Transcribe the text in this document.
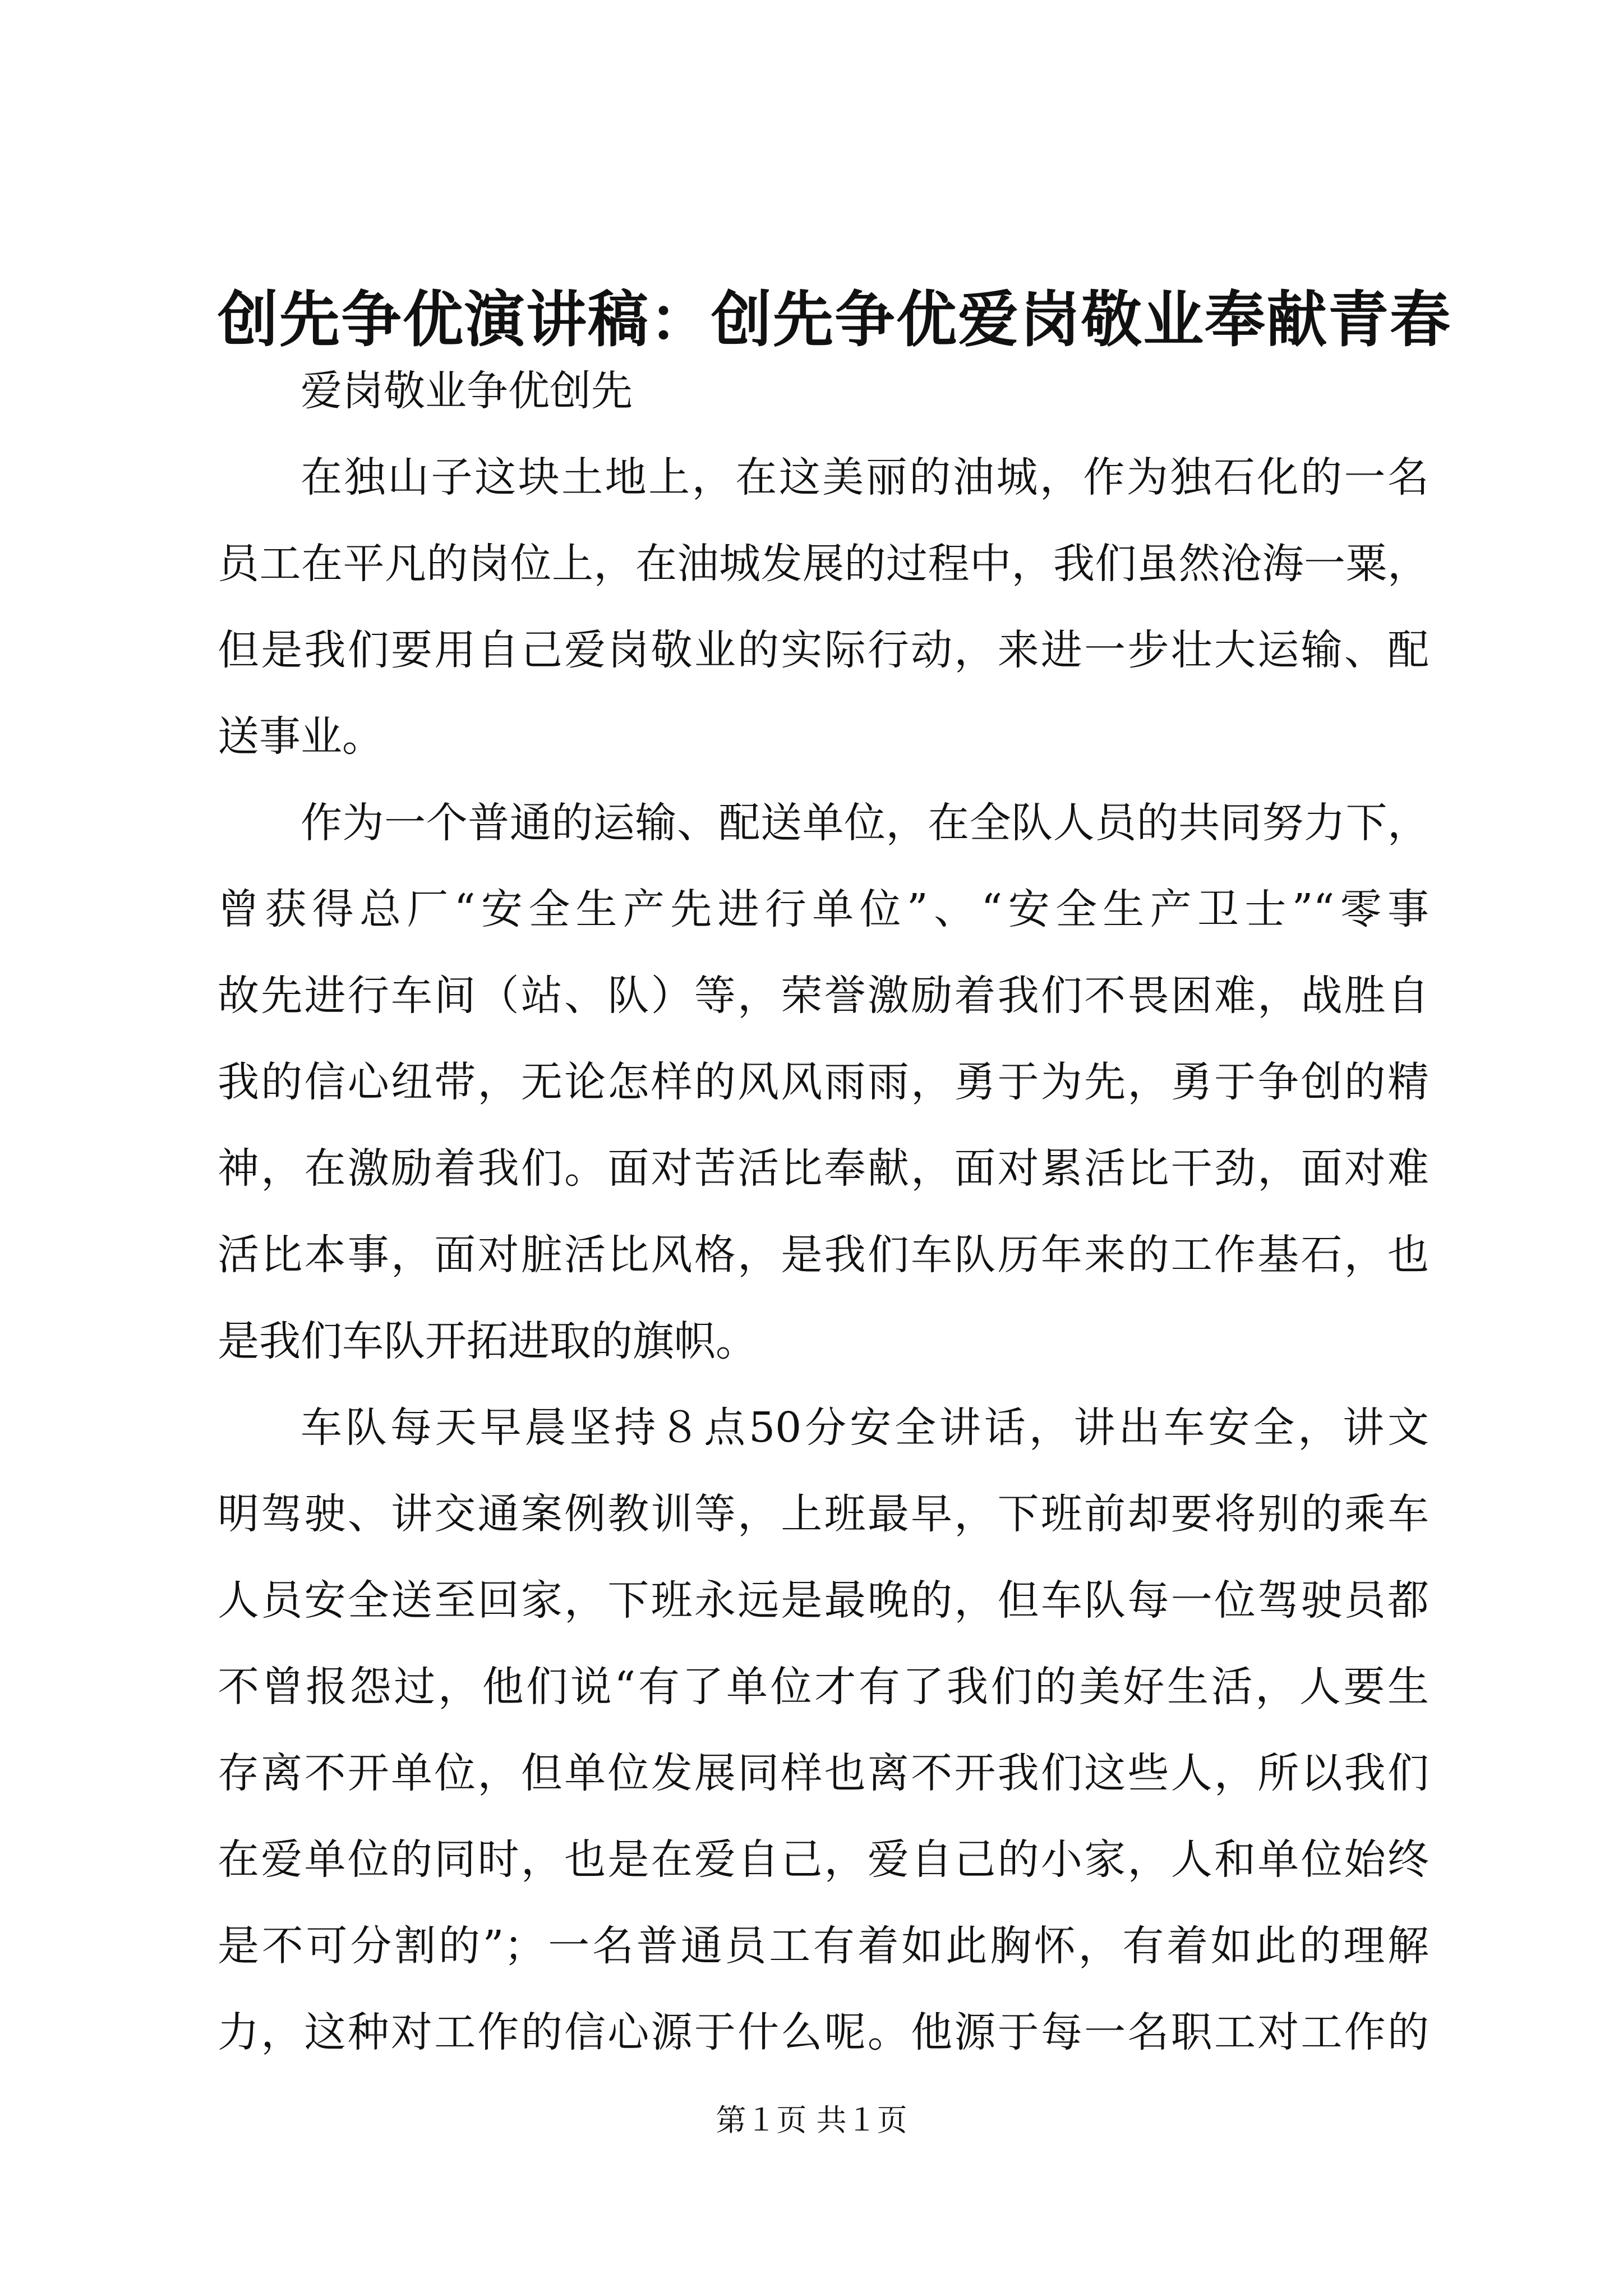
创先争优演讲稿：创先争优爱岗敬业奉献青春
爱岗敬业争优创先
在独山子这块土地上，在这美丽的油城，作为独石化的一名
员工在平凡的岗位上，在油城发展的过程中，我们虽然沧海一粟，
但是我们要用自己爱岗敬业的实际行动，来进一步壮大运输、配
送事业。
作为一个普通的运输、配送单位，在全队人员的共同努力下，
曾获得总厂“安全生产先进行单位”、“安全生产卫士”“零事
故先进行车间（站、队）等，荣誉激励着我们不畏困难，战胜自
我的信心纽带，无论怎样的风风雨雨，勇于为先，勇于争创的精
神，在激励着我们。面对苦活比奉献，面对累活比干劲，面对难
活比本事，面对脏活比风格，是我们车队历年来的工作基石，也
是我们车队开拓进取的旗帜。
车队每天早晨坚持８点50分安全讲话，讲出车安全，讲文
明驾驶、讲交通案例教训等，上班最早，下班前却要将别的乘车
人员安全送至回家，下班永远是最晚的，但车队每一位驾驶员都
不曾报怨过，他们说“有了单位才有了我们的美好生活，人要生
存离不开单位，但单位发展同样也离不开我们这些人，所以我们
在爱单位的同时，也是在爱自己，爱自己的小家，人和单位始终
是不可分割的”；一名普通员工有着如此胸怀，有着如此的理解
力，这种对工作的信心源于什么呢。他源于每一名职工对工作的
第１页 共１页
